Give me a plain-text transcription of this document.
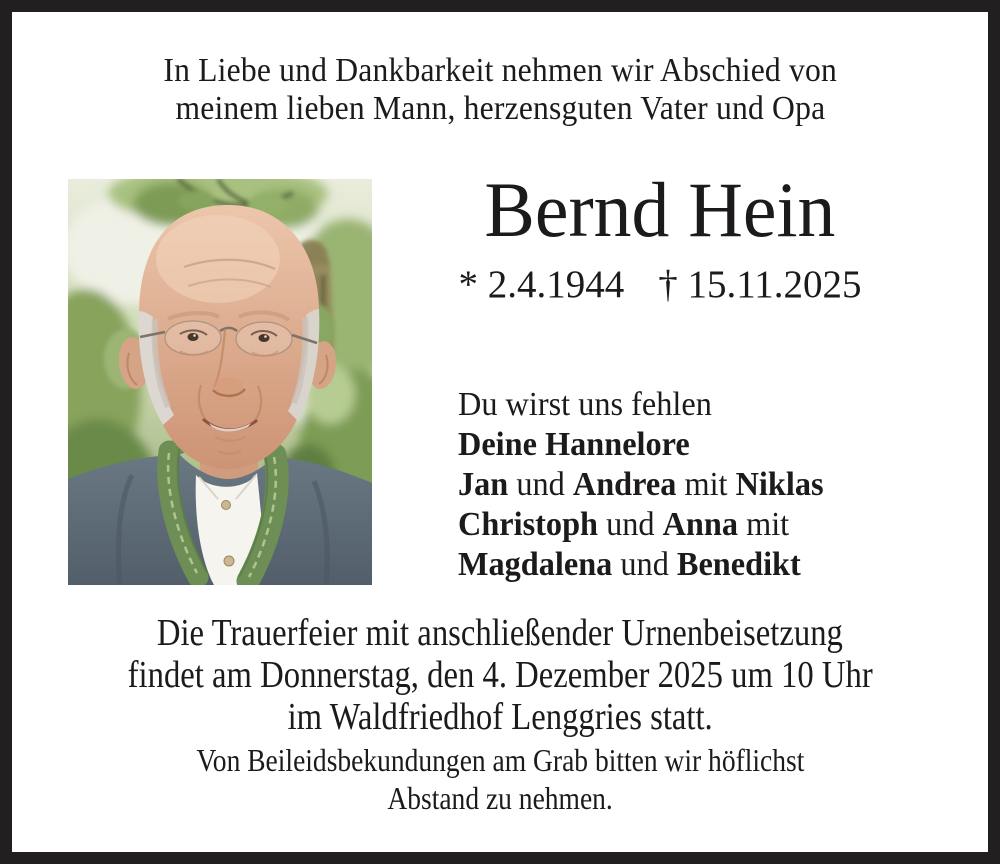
In Liebe und Dankbarkeit nehmen wir Abschied von
meinem lieben Mann, herzensguten Vater und Opa
Bernd Hein
* 2.4.1944 † 15.11.2025
Du wirst uns fehlen
Deine Hannelore
Jan und Andrea mit Niklas
Christoph und Anna mit
Magdalena und Benedikt
Die Trauerfeier mit anschließender Urnenbeisetzung
findet am Donnerstag, den 4. Dezember 2025 um 10 Uhr
im Waldfriedhof Lenggries statt.
Von Beileidsbekundungen am Grab bitten wir höflichst
Abstand zu nehmen.
